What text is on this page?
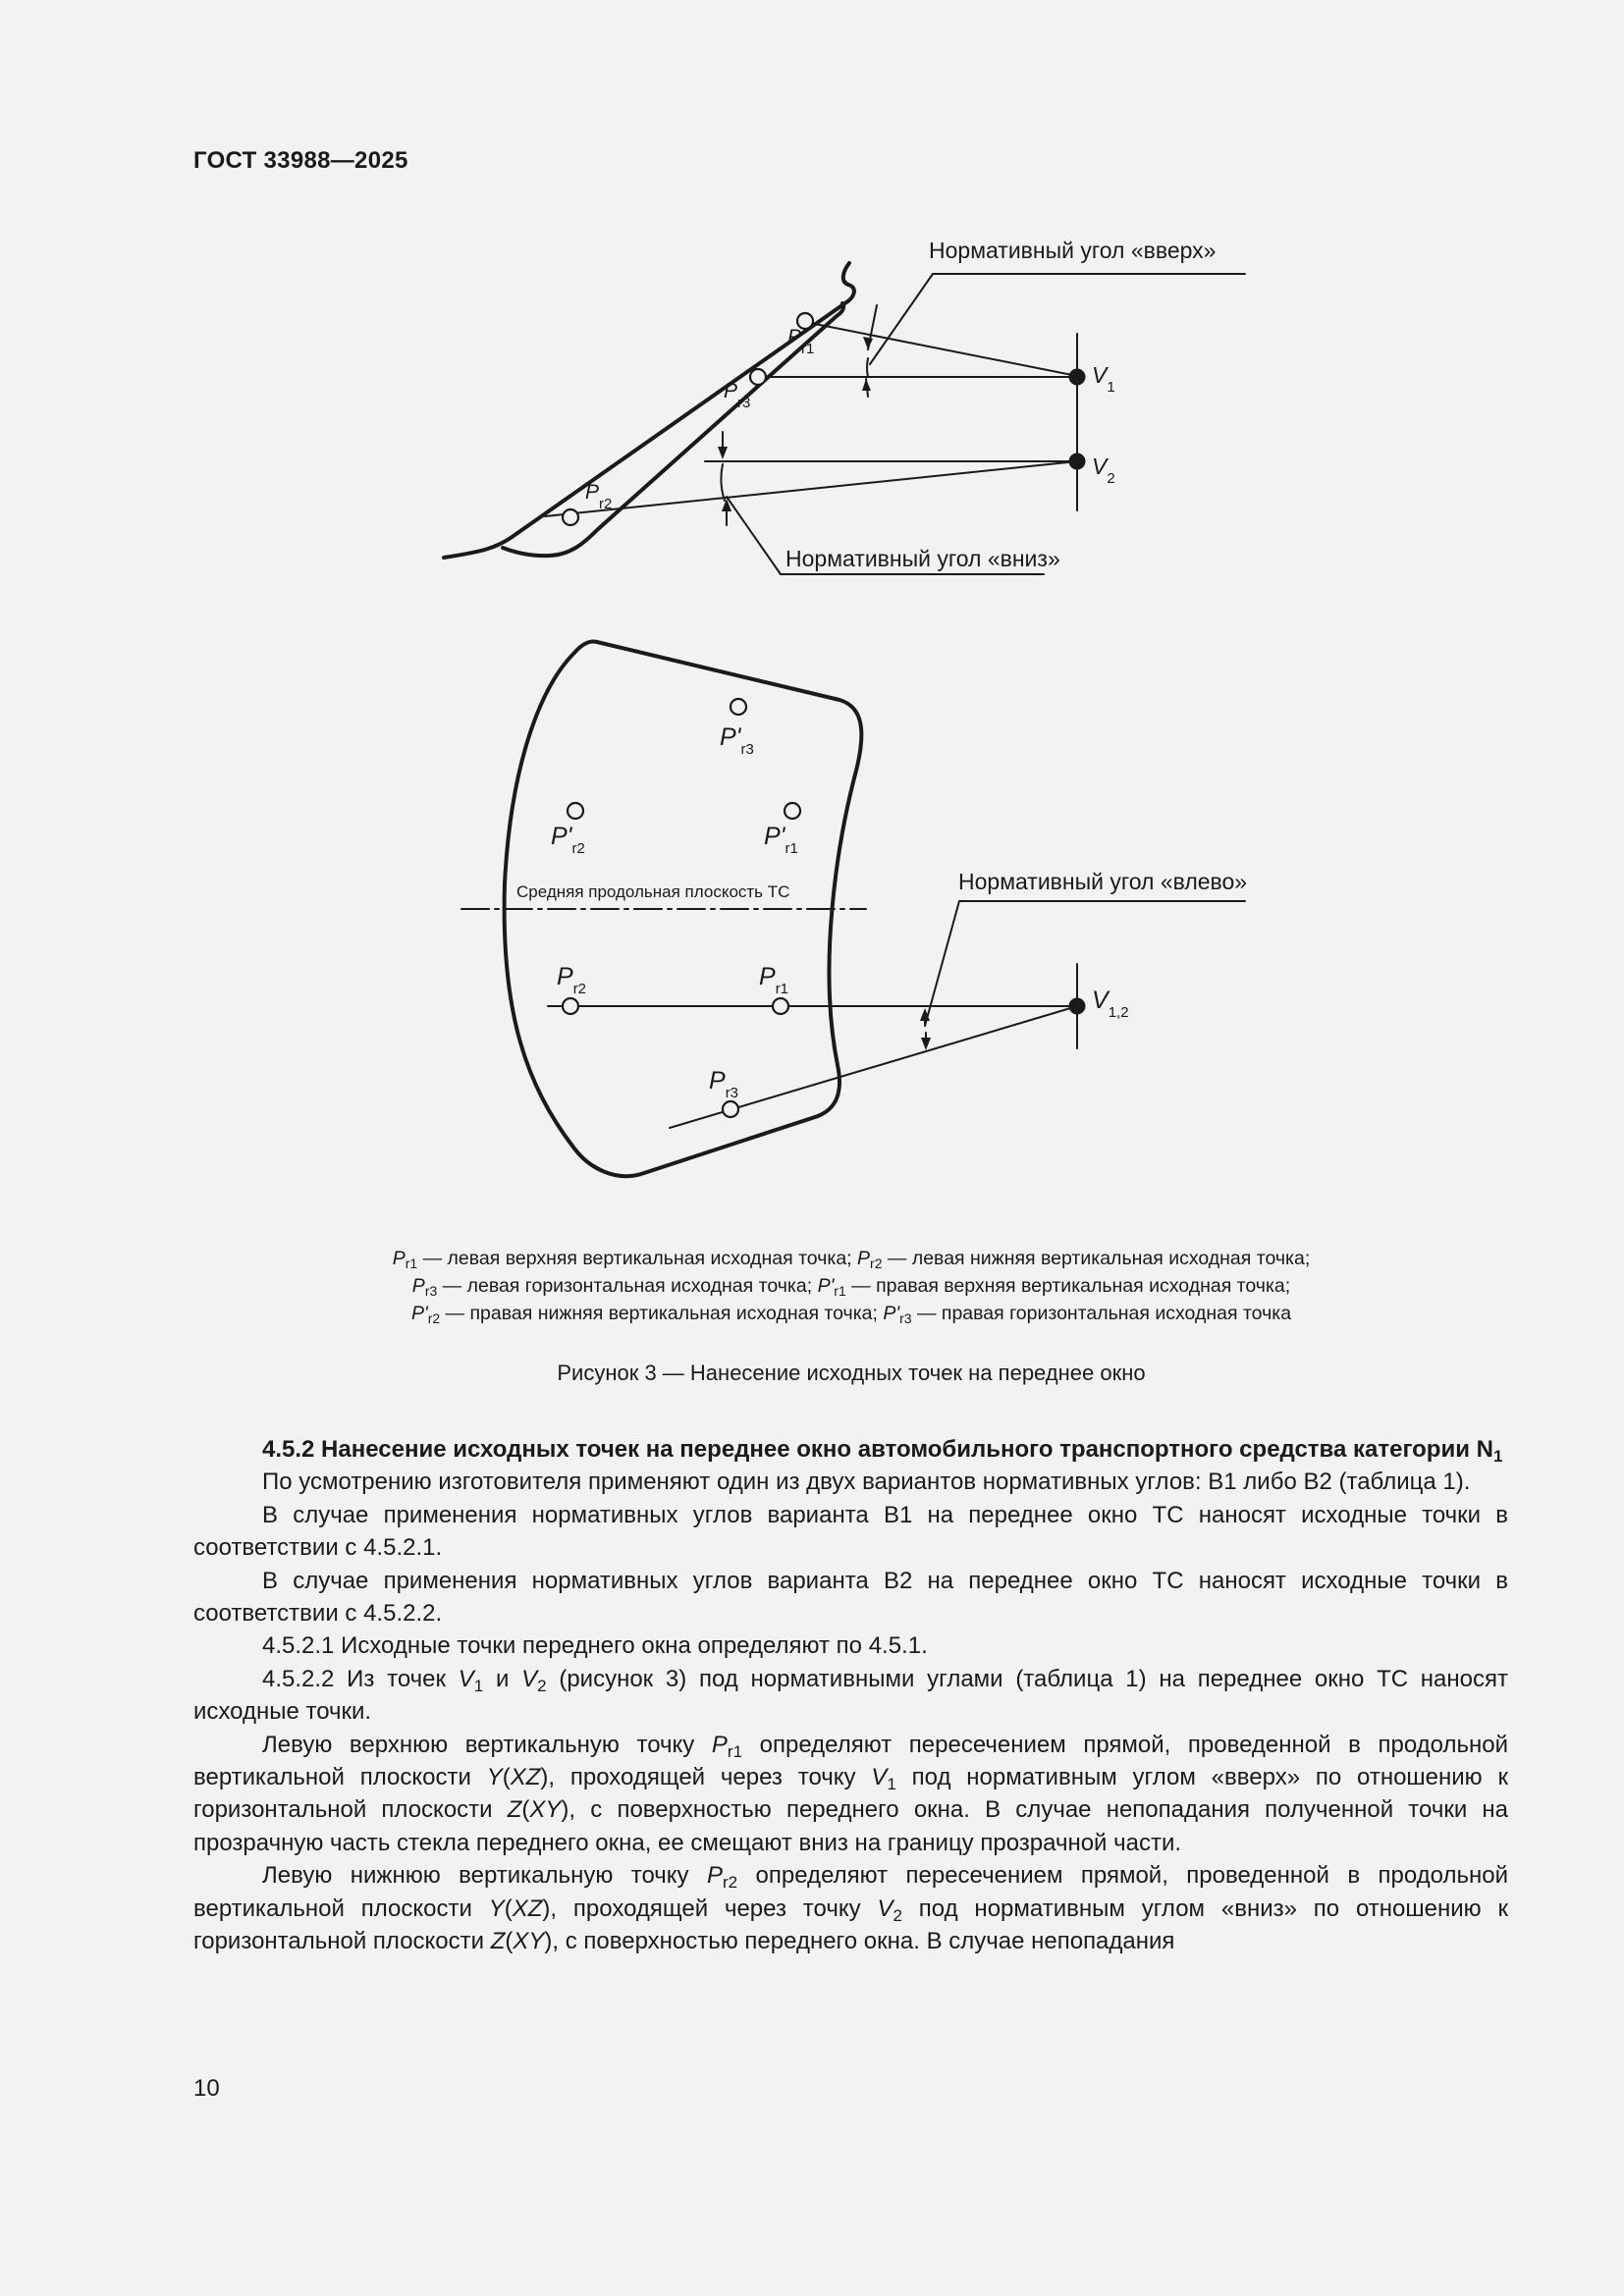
ГОСТ 33988—2025
Нормативный угол «вверх»
Нормативный угол «вниз»
$P_{r1}$
$P_{r3}$
$P_{r2}$
$V_1$
$V_2$
$P'_{r3}$
$P'_{r2}$	$P'_{r1}$
Средняя продольная плоскость ТС	Нормативный угол «влево»
$P_{r2}$	$P_{r1}$
$P_{r3}$
$V_{1,2}$
$P_{r1}$ — левая верхняя вертикальная исходная точка; $P_{r2}$ — левая нижняя вертикальная исходная точка;
$P_{r3}$ — левая горизонтальная исходная точка; $P'_{r1}$ — правая верхняя вертикальная исходная точка;
$P'_{r2}$ — правая нижняя вертикальная исходная точка; $P'_{r3}$ — правая горизонтальная исходная точка
Рисунок 3 — Нанесение исходных точек на переднее окно

4.5.2 Нанесение исходных точек на переднее окно автомобильного транспортного средства категории $N_1$

По усмотрению изготовителя применяют один из двух вариантов нормативных углов: В1 либо В2 (таблица 1).

В случае применения нормативных углов варианта В1 на переднее окно ТС наносят исходные точки в соответствии с 4.5.2.1.

В случае применения нормативных углов варианта В2 на переднее окно ТС наносят исходные точки в соответствии с 4.5.2.2.

4.5.2.1 Исходные точки переднего окна определяют по 4.5.1.

4.5.2.2 Из точек $V_1$ и $V_2$ (рисунок 3) под нормативными углами (таблица 1) на переднее окно ТС наносят исходные точки.

Левую верхнюю вертикальную точку $P_{r1}$ определяют пересечением прямой, проведенной в продольной вертикальной плоскости Y(XZ), проходящей через точку $V_1$ под нормативным углом «вверх» по отношению к горизонтальной плоскости Z(XY), с поверхностью переднего окна. В случае непопадания полученной точки на прозрачную часть стекла переднего окна, ее смещают вниз на границу прозрачной части.

Левую нижнюю вертикальную точку $P_{r2}$ определяют пересечением прямой, проведенной в продольной вертикальной плоскости Y(XZ), проходящей через точку $V_2$ под нормативным углом «вниз» по отношению к горизонтальной плоскости Z(XY), с поверхностью переднего окна. В случае непопадания

10
